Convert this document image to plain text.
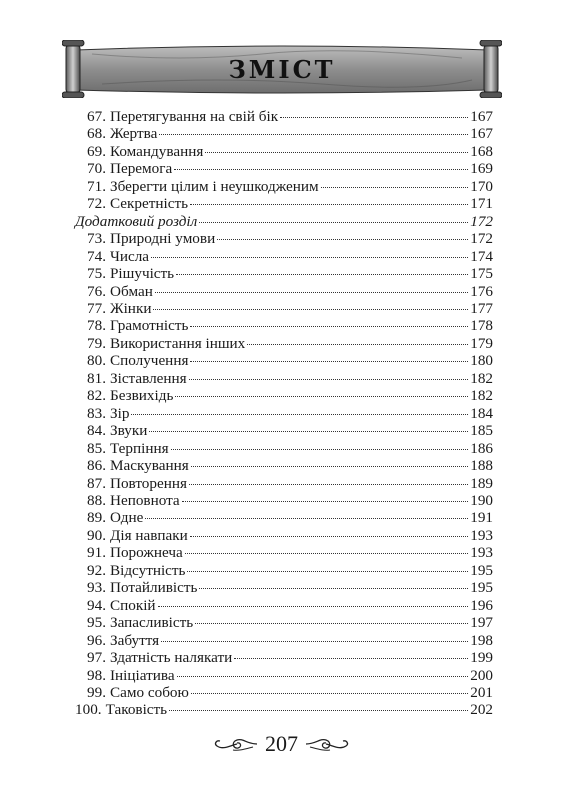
ЗМІСТ
67. Перетягування на свій бік	167
68. Жертва	167
69. Командування	168
70. Перемога	169
71. Зберегти цілим і неушкодженим	170
72. Секретність	171
Додатковий розділ	172
73. Природні умови	172
74. Числа	174
75. Рішучість	175
76. Обман	176
77. Жінки	177
78. Грамотність	178
79. Використання інших	179
80. Сполучення	180
81. Зіставлення	182
82. Безвихідь	182
83. Зір	184
84. Звуки	185
85. Терпіння	186
86. Маскування	188
87. Повторення	189
88. Неповнота	190
89. Одне	191
90. Дія навпаки	193
91. Порожнеча	193
92. Відсутність	195
93. Потайливість	195
94. Спокій	196
95. Запасливість	197
96. Забуття	198
97. Здатність налякати	199
98. Ініціатива	200
99. Само собою	201
100. Таковість	202
207
